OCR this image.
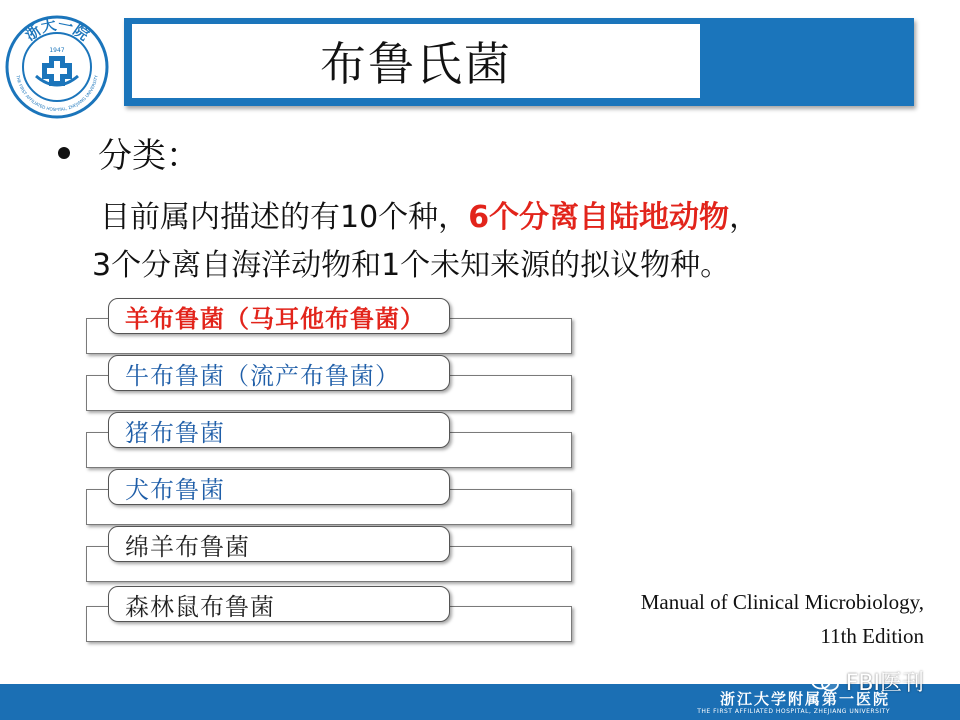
浙大一院
THE FIRST AFFILIATED HOSPITAL, ZHEJIANG UNIVERSITY
1947	布鲁氏菌
分类：
目前属内描述的有10个种，6个分离自陆地动物，
3个分离自海洋动物和1个未知来源的拟议物种。
羊布鲁菌（马耳他布鲁菌）
牛布鲁菌（流产布鲁菌）
猪布鲁菌
犬布鲁菌
绵羊布鲁菌
森林鼠布鲁菌	Manual of Clinical Microbiology,
11th Edition
浙江大学附属第一医院
THE FIRST AFFILIATED HOSPITAL, ZHEJIANG UNIVERSITY
FBI医刊
